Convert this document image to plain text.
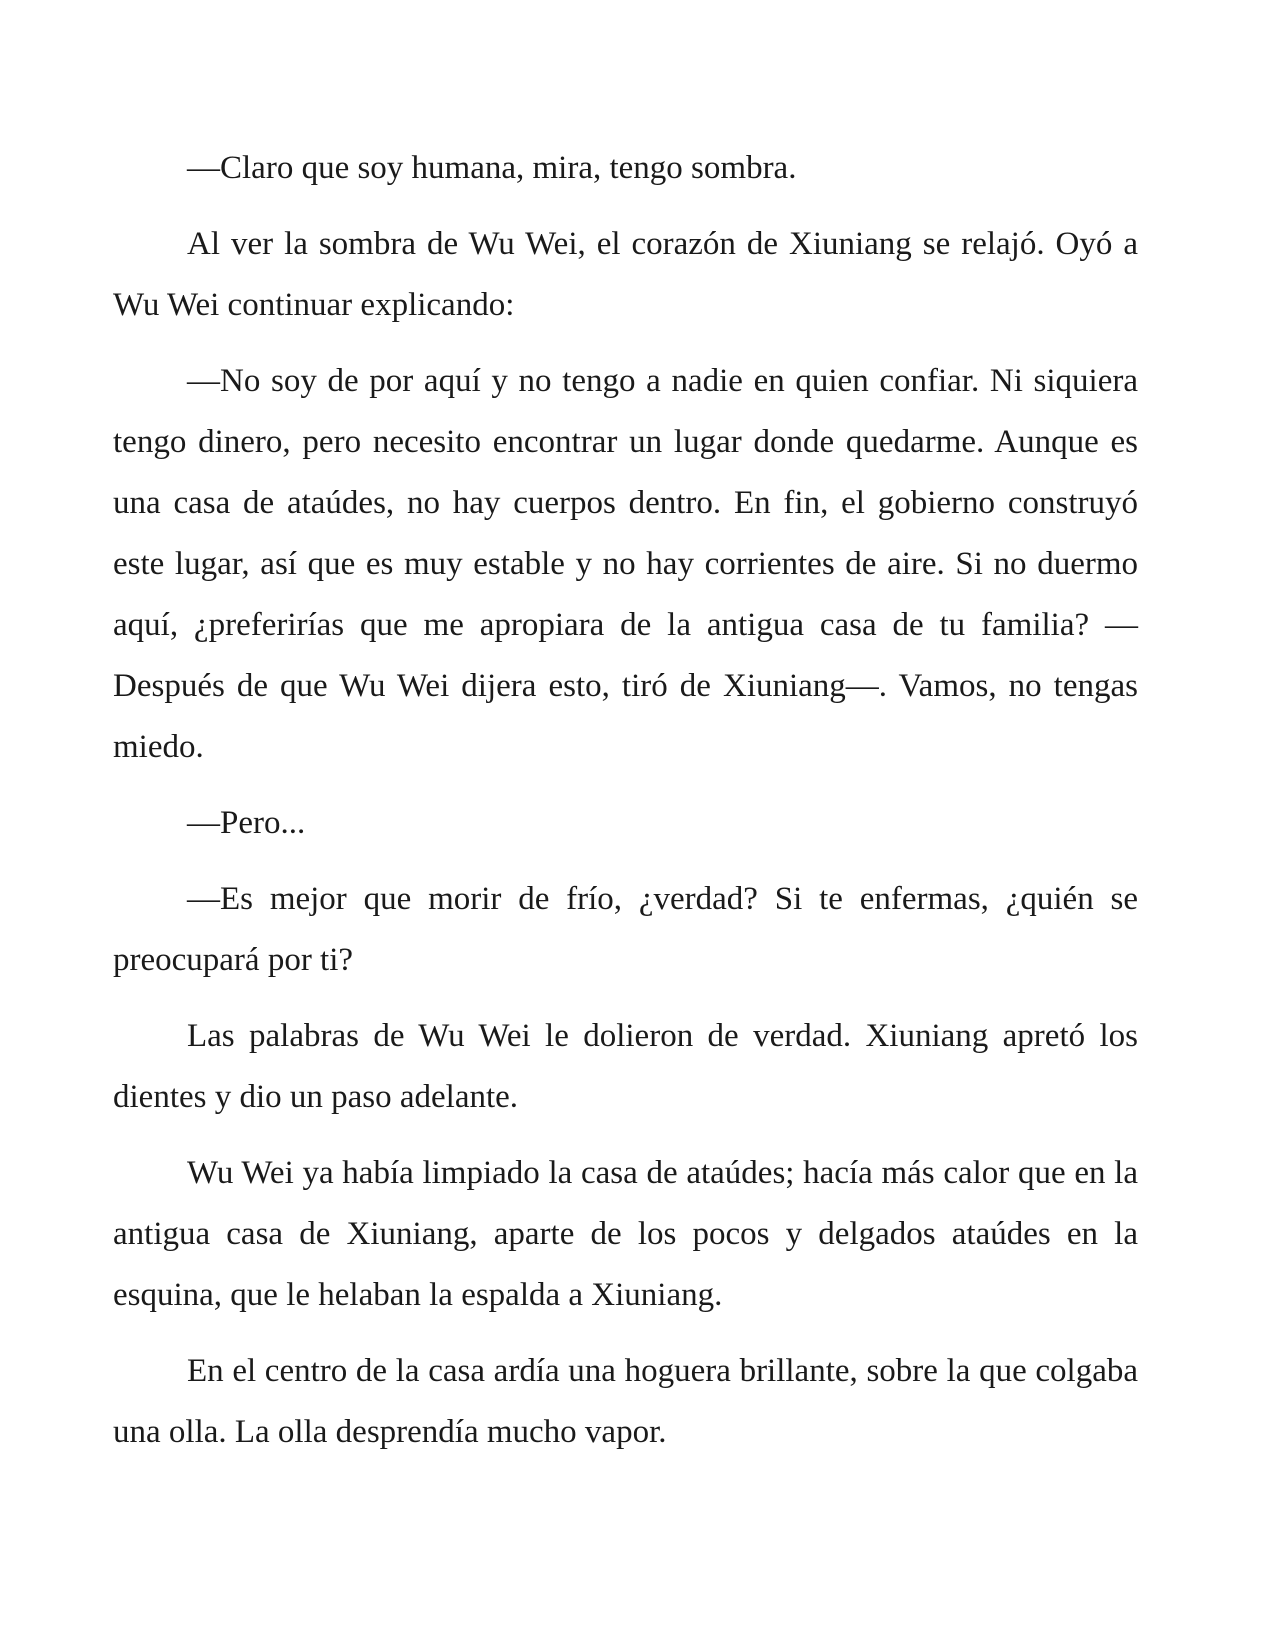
—Claro que soy humana, mira, tengo sombra.

Al ver la sombra de Wu Wei, el corazón de Xiuniang se relajó. Oyó a Wu Wei continuar explicando:

—No soy de por aquí y no tengo a nadie en quien confiar. Ni siquiera tengo dinero, pero necesito encontrar un lugar donde quedarme. Aunque es una casa de ataúdes, no hay cuerpos dentro. En fin, el gobierno construyó este lugar, así que es muy estable y no hay corrientes de aire. Si no duermo aquí, ¿preferirías que me apropiara de la antigua casa de tu familia? —Después de que Wu Wei dijera esto, tiró de Xiuniang—. Vamos, no tengas miedo.

—Pero...

—Es mejor que morir de frío, ¿verdad? Si te enfermas, ¿quién se preocupará por ti?

Las palabras de Wu Wei le dolieron de verdad. Xiuniang apretó los dientes y dio un paso adelante.

Wu Wei ya había limpiado la casa de ataúdes; hacía más calor que en la antigua casa de Xiuniang, aparte de los pocos y delgados ataúdes en la esquina, que le helaban la espalda a Xiuniang.

En el centro de la casa ardía una hoguera brillante, sobre la que colgaba una olla. La olla desprendía mucho vapor.
